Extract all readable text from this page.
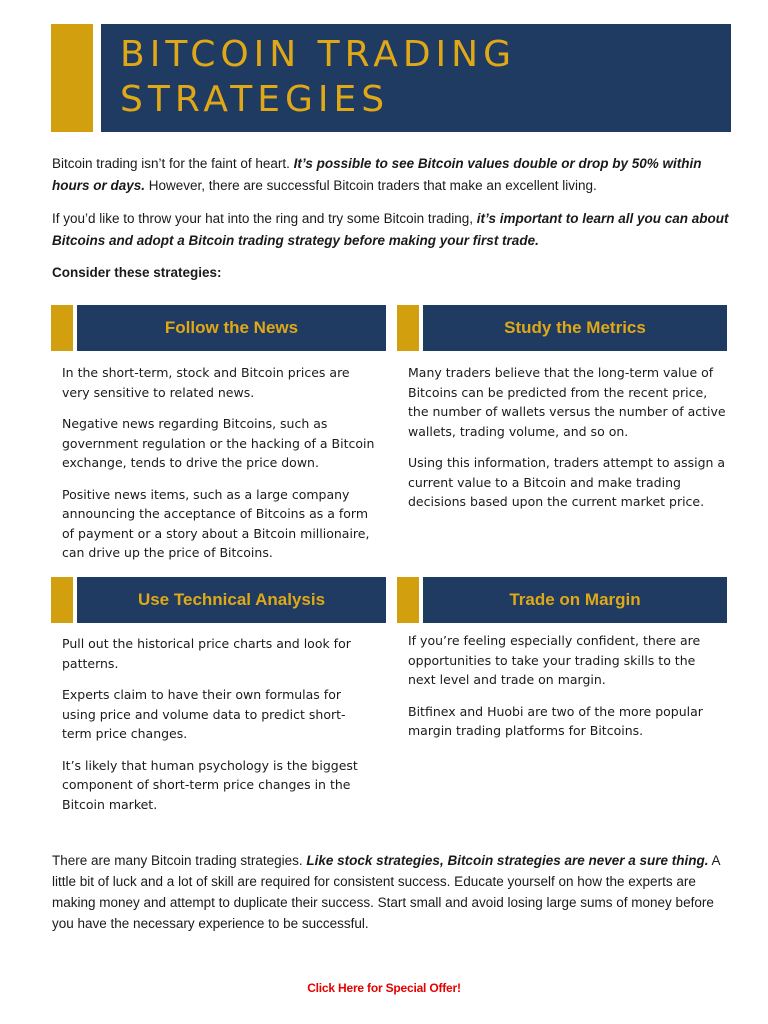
BITCOIN TRADING
STRATEGIES

Bitcoin trading isn’t for the faint of heart. It’s possible to see Bitcoin values double or drop by 50% within hours or days. However, there are successful Bitcoin traders that make an excellent living.

If you’d like to throw your hat into the ring and try some Bitcoin trading, it’s important to learn all you can about Bitcoins and adopt a Bitcoin trading strategy before making your first trade.

Consider these strategies:

Follow the News

In the short-term, stock and Bitcoin prices are very sensitive to related news.

Negative news regarding Bitcoins, such as government regulation or the hacking of a Bitcoin exchange, tends to drive the price down.

Positive news items, such as a large company announcing the acceptance of Bitcoins as a form of payment or a story about a Bitcoin millionaire, can drive up the price of Bitcoins.

Study the Metrics

Many traders believe that the long-term value of Bitcoins can be predicted from the recent price, the number of wallets versus the number of active wallets, trading volume, and so on.

Using this information, traders attempt to assign a current value to a Bitcoin and make trading decisions based upon the current market price.

Use Technical Analysis

Pull out the historical price charts and look for patterns.

Experts claim to have their own formulas for using price and volume data to predict short-term price changes.

It’s likely that human psychology is the biggest component of short-term price changes in the Bitcoin market.

Trade on Margin

If you’re feeling especially confident, there are opportunities to take your trading skills to the next level and trade on margin.

Bitfinex and Huobi are two of the more popular margin trading platforms for Bitcoins.

There are many Bitcoin trading strategies. Like stock strategies, Bitcoin strategies are never a sure thing. A little bit of luck and a lot of skill are required for consistent success. Educate yourself on how the experts are making money and attempt to duplicate their success. Start small and avoid losing large sums of money before you have the necessary experience to be successful.

Click Here for Special Offer!
